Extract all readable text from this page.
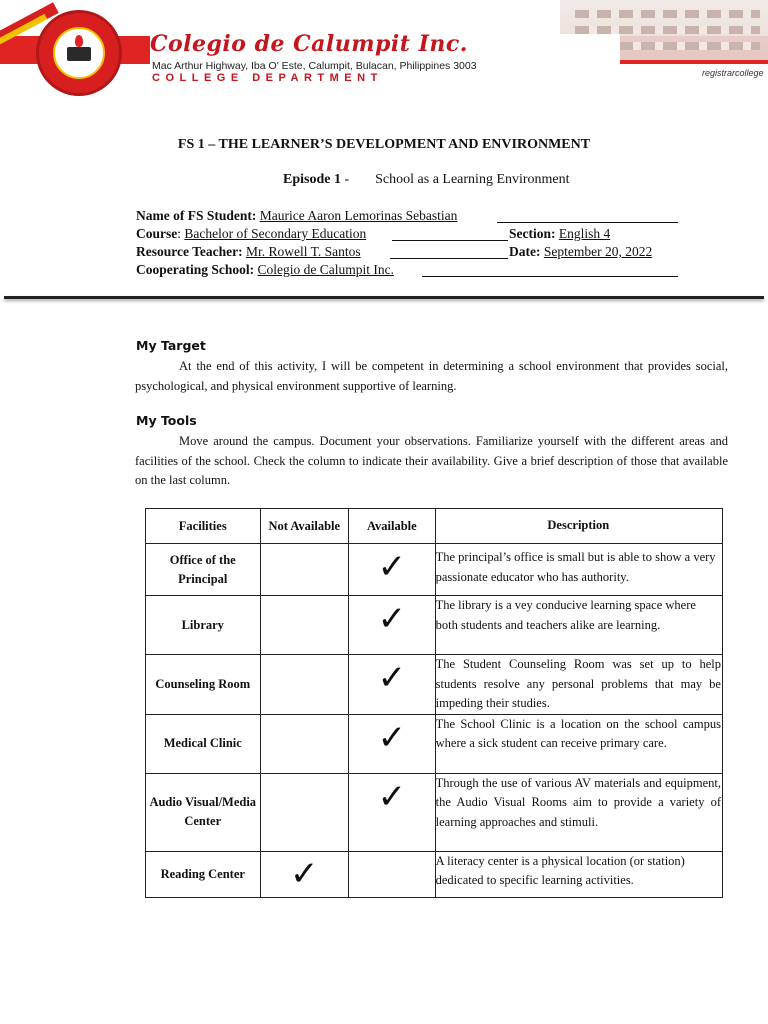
Colegio de Calumpit Inc.
Mac Arthur Highway, Iba O' Este, Calumpit, Bulacan, Philippines 3003
COLLEGE DEPARTMENT	registrarcollege
FS 1 – THE LEARNER’S DEVELOPMENT AND ENVIRONMENT
Episode 1 - School as a Learning Environment
Name of FS Student: Maurice Aaron Lemorinas Sebastian
Course: Bachelor of Secondary Education	Section: English 4
Resource Teacher: Mr. Rowell T. Santos	Date: September 20, 2022
Cooperating School: Colegio de Calumpit Inc.
My Target

At the end of this activity, I will be competent in determining a school environment that provides social, psychological, and physical environment supportive of learning.

My Tools

Move around the campus. Document your observations. Familiarize yourself with the different areas and facilities of the school. Check the column to indicate their availability. Give a brief description of those that available on the last column.

Facilities	Not Available	Available	Description
Office of the Principal		✓	The principal’s office is small but is able to show a very passionate educator who has authority.
Library		✓	The library is a vey conducive learning space where both students and teachers alike are learning.
Counseling Room		✓	The Student Counseling Room was set up to help students resolve any personal problems that may be impeding their studies.
Medical Clinic		✓	The School Clinic is a location on the school campus where a sick student can receive primary care.
Audio Visual/Media Center		✓	Through the use of various AV materials and equipment, the Audio Visual Rooms aim to provide a variety of learning approaches and stimuli.
Reading Center	✓		A literacy center is a physical location (or station) dedicated to specific learning activities.
